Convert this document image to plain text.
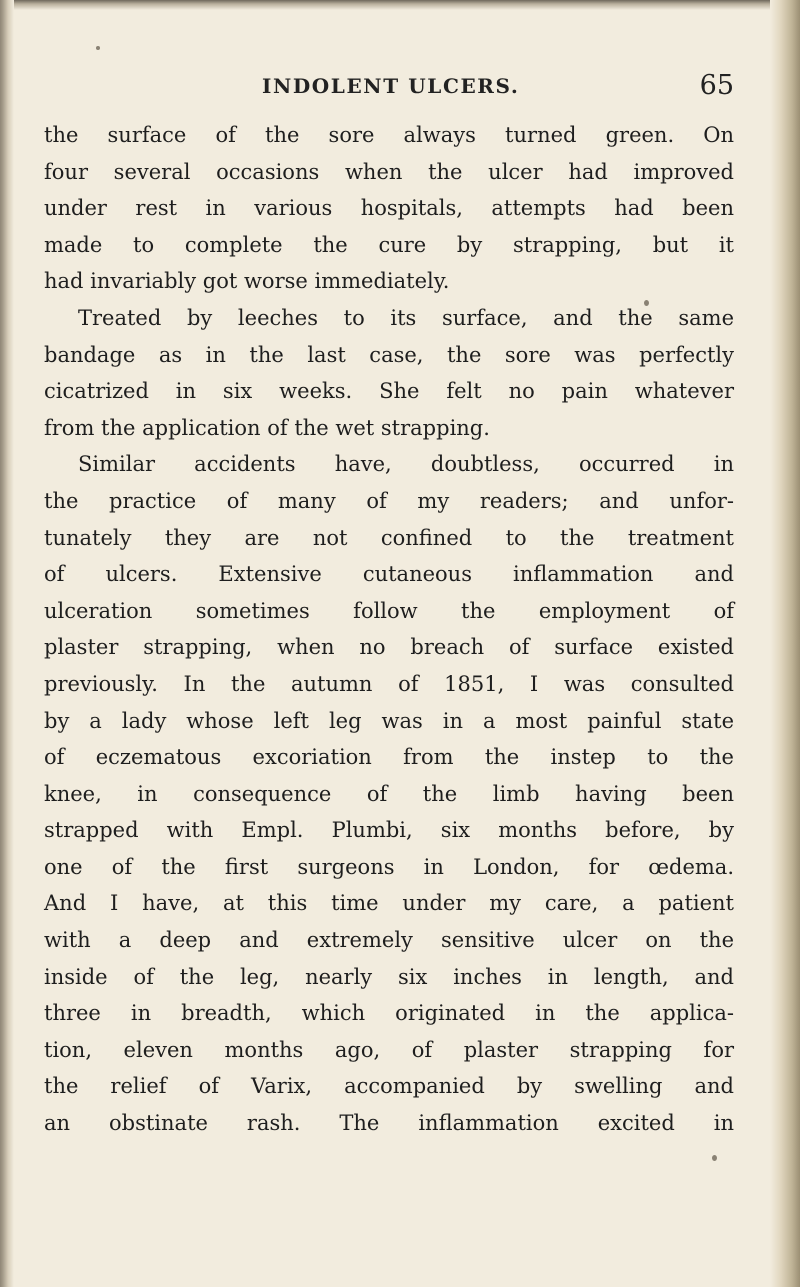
INDOLENT ULCERS.	65
the surface of the sore always turned green. On
four several occasions when the ulcer had improved
under rest in various hospitals, attempts had been
made to complete the cure by strapping, but it
had invariably got worse immediately.
Treated by leeches to its surface, and the same
bandage as in the last case, the sore was perfectly
cicatrized in six weeks. She felt no pain whatever
from the application of the wet strapping.
Similar accidents have, doubtless, occurred in
the practice of many of my readers; and unfor-
tunately they are not confined to the treatment
of ulcers. Extensive cutaneous inflammation and
ulceration sometimes follow the employment of
plaster strapping, when no breach of surface existed
previously. In the autumn of 1851, I was consulted
by a lady whose left leg was in a most painful state
of eczematous excoriation from the instep to the
knee, in consequence of the limb having been
strapped with Empl. Plumbi, six months before, by
one of the first surgeons in London, for œdema.
And I have, at this time under my care, a patient
with a deep and extremely sensitive ulcer on the
inside of the leg, nearly six inches in length, and
three in breadth, which originated in the applica-
tion, eleven months ago, of plaster strapping for
the relief of Varix, accompanied by swelling and
an obstinate rash. The inflammation excited in
